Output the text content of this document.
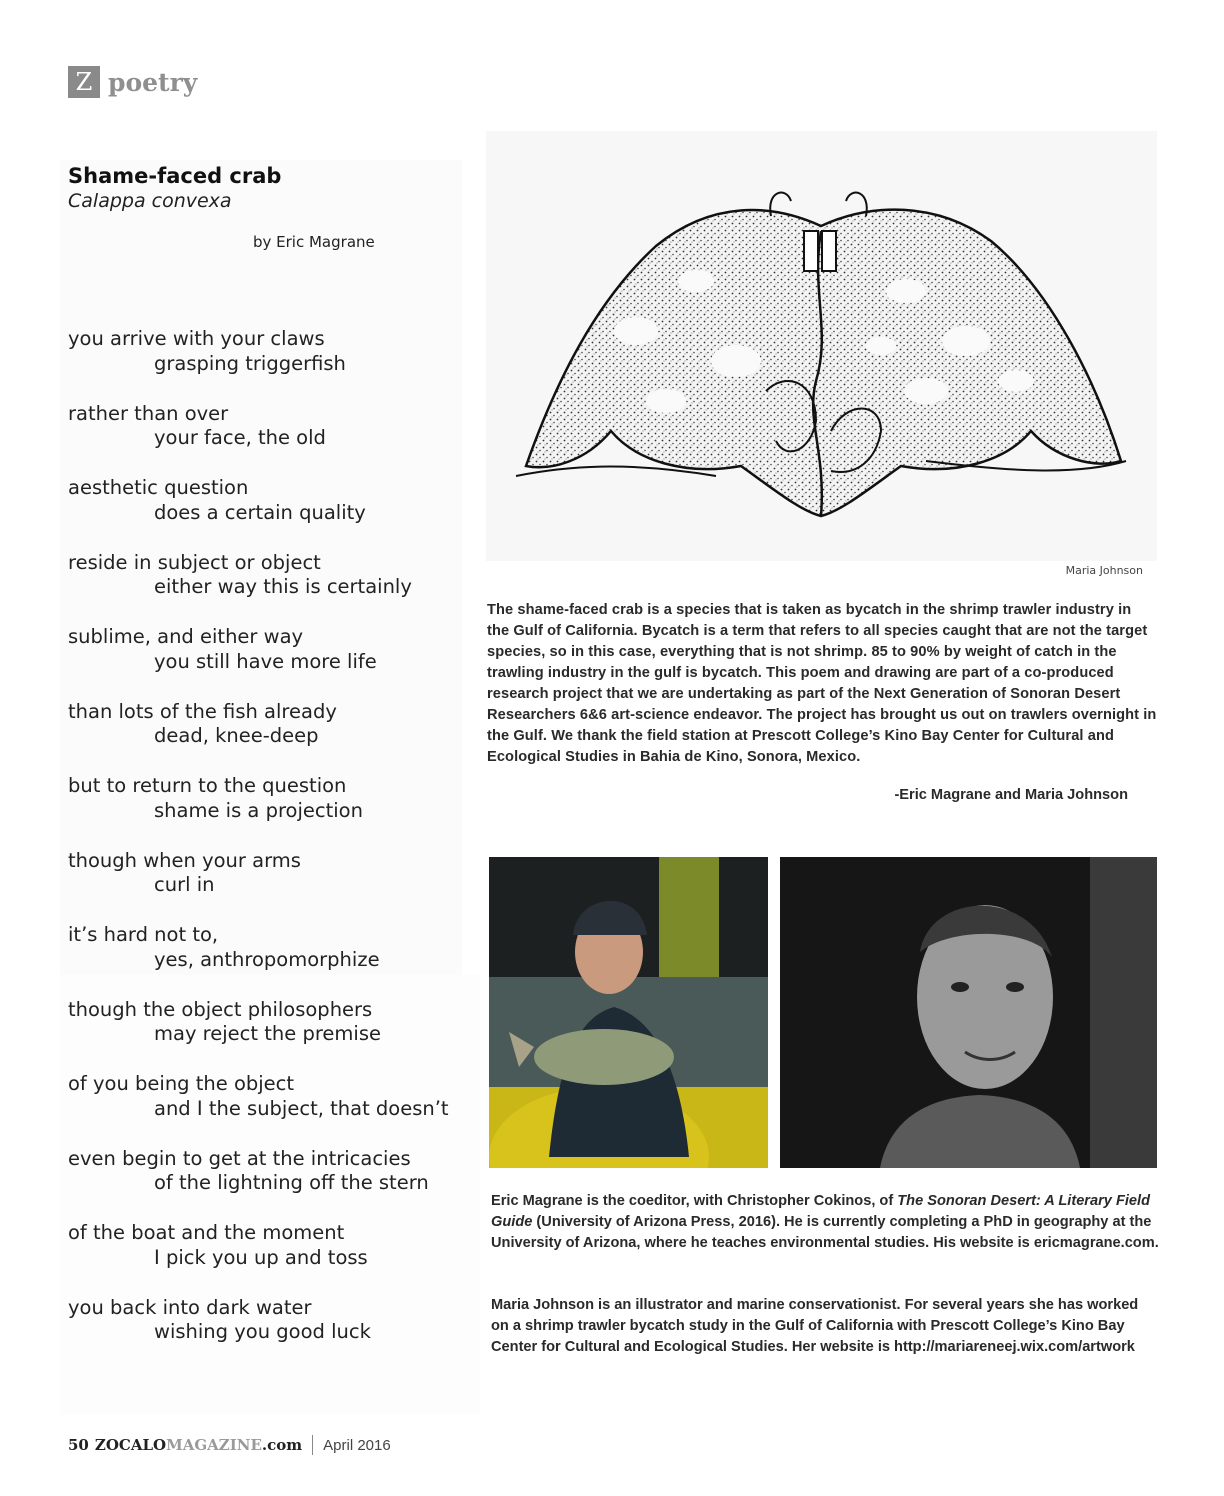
Z poetry
Shame-faced crab
Calappa convexa
by Eric Magrane
you arrive with your claws
grasping triggerfish
rather than over
your face, the old
aesthetic question
does a certain quality
reside in subject or object
either way this is certainly
sublime, and either way
you still have more life
than lots of the fish already
dead, knee-deep
but to return to the question
shame is a projection
though when your arms
curl in
it’s hard not to,
yes, anthropomorphize
though the object philosophers
may reject the premise
of you being the object
and I the subject, that doesn’t
even begin to get at the intricacies
of the lightning off the stern
of the boat and the moment
I pick you up and toss
you back into dark water
wishing you good luck
Maria Johnson
The shame-faced crab is a species that is taken as bycatch in the shrimp trawler industry in the Gulf of California. Bycatch is a term that refers to all species caught that are not the target species, so in this case, everything that is not shrimp. 85 to 90% by weight of catch in the trawling industry in the gulf is bycatch. This poem and drawing are part of a co-produced research project that we are undertaking as part of the Next Generation of Sonoran Desert Researchers 6&6 art-science endeavor. The project has brought us out on trawlers overnight in the Gulf. We thank the field station at Prescott College’s Kino Bay Center for Cultural and Ecological Studies in Bahia de Kino, Sonora, Mexico.
-Eric Magrane and Maria Johnson
Eric Magrane is the coeditor, with Christopher Cokinos, of The Sonoran Desert: A Literary Field Guide (University of Arizona Press, 2016). He is currently completing a PhD in geography at the University of Arizona, where he teaches environmental studies. His website is ericmagrane.com.
Maria Johnson is an illustrator and marine conservationist. For several years she has worked on a shrimp trawler bycatch study in the Gulf of California with Prescott College’s Kino Bay Center for Cultural and Ecological Studies. Her website is http://mariareneej.wix.com/artwork
50 ZOCALO MAGAZINE .com April 2016
